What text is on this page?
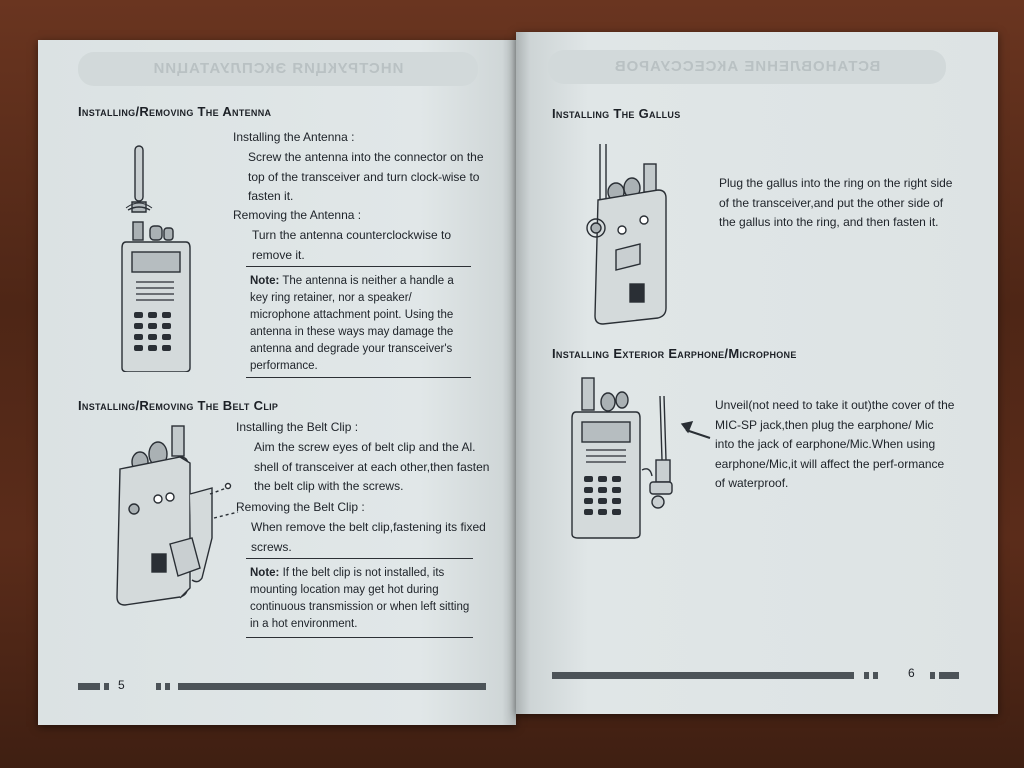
ИНСТРУКЦИЯ ЭКСПЛУАТАЦИИ
Installing/Removing The Antenna
Installing the Antenna :
Screw the antenna into the connector on the top of the transceiver and turn clock-wise to fasten it.
Removing the Antenna :
Turn the antenna counterclockwise to remove it.
Note: The antenna is neither a handle a key ring retainer, nor a speaker/ microphone attachment point. Using the antenna in these ways may damage the antenna and degrade your transceiver's performance.
Installing/Removing The Belt Clip
Installing the Belt Clip :
Aim the screw eyes of belt clip and the Al. shell of transceiver at each other,then fasten the belt clip with the screws.
Removing the Belt Clip :
When remove the belt clip,fastening its fixed screws.
Note: If the belt clip is not installed, its mounting location may get hot during continuous transmission or when left sitting in a hot environment.
5
ВСТАНОВЛЕНИЕ АКСЕССУАРОВ
Installing The Gallus
Plug the gallus into the ring on the right side of the transceiver,and put the other side of the gallus into the ring, and then fasten it.
Installing Exterior Earphone/Microphone
Unveil(not need to take it out)the cover of the MIC-SP jack,then plug the earphone/ Mic into the jack of earphone/Mic.When using earphone/Mic,it will affect the perf-ormance of waterproof.
6
